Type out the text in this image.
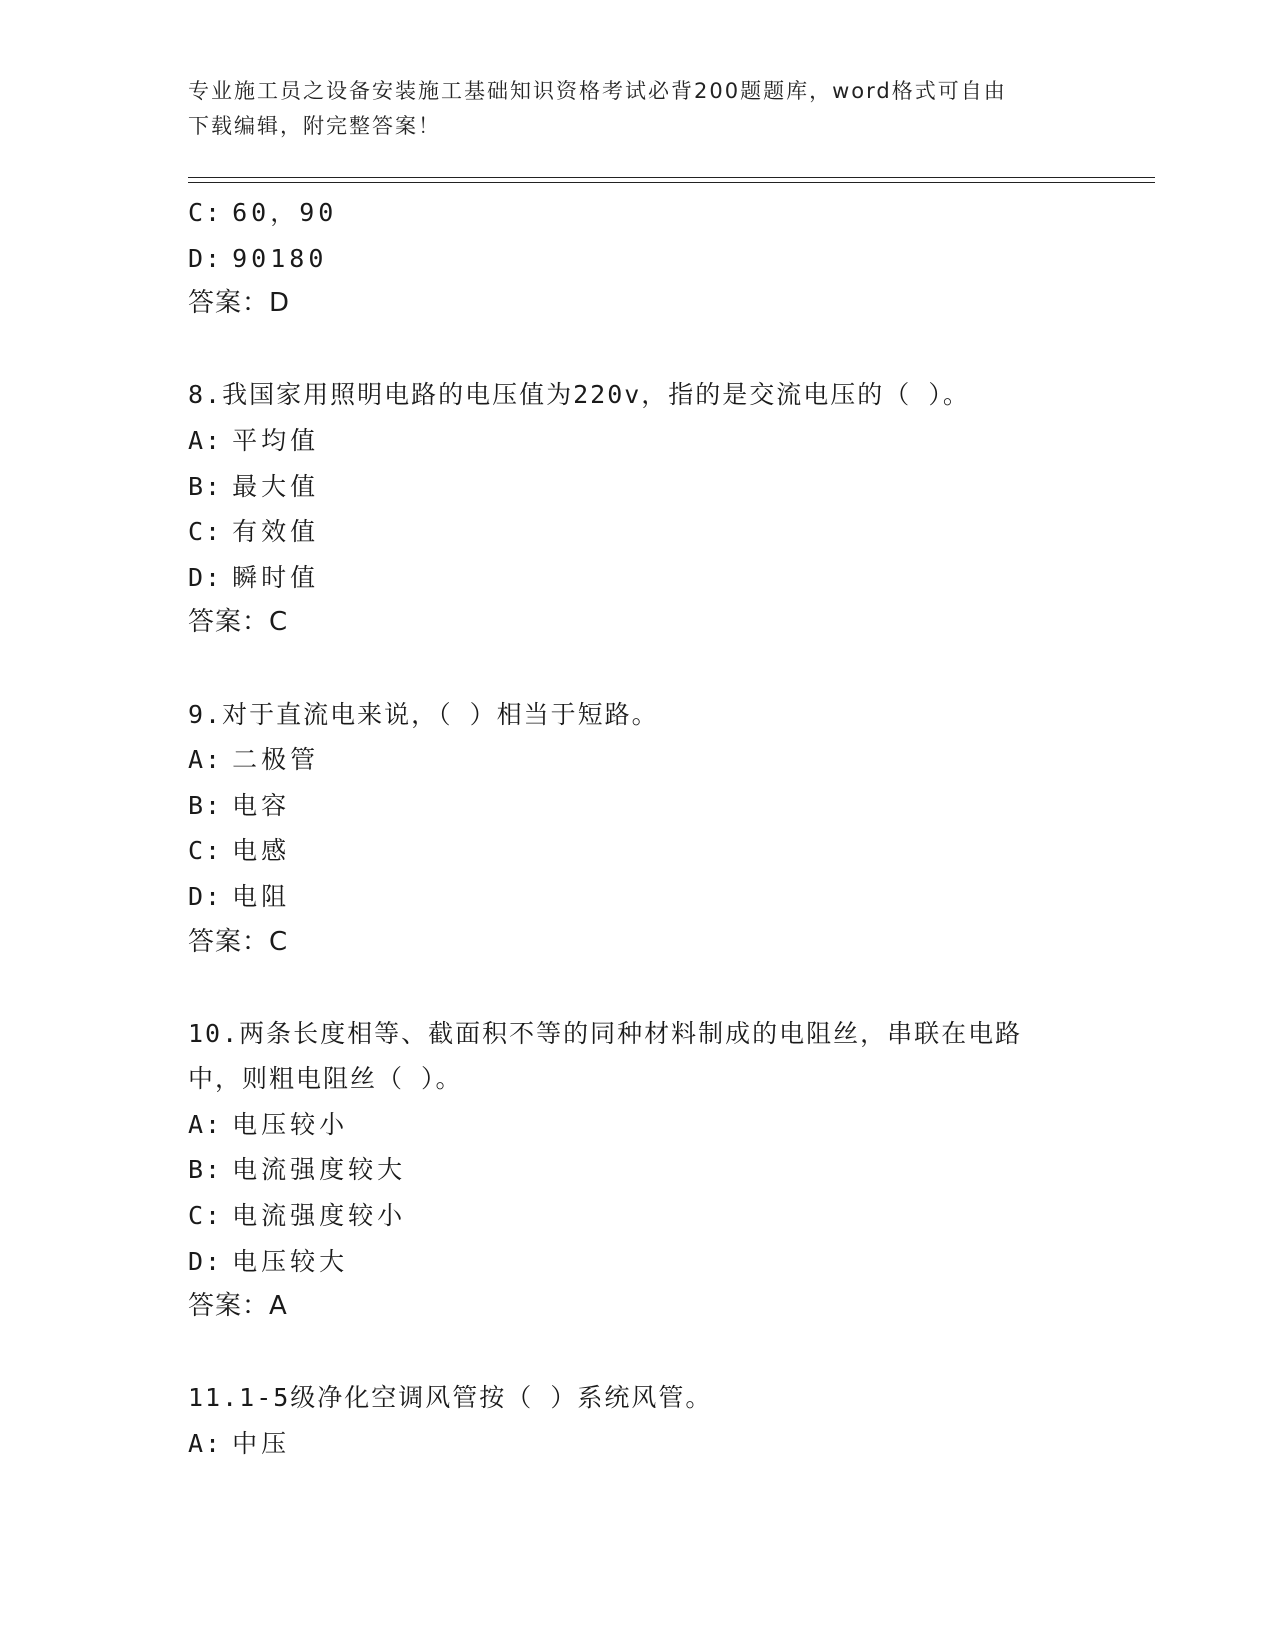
专业施工员之设备安装施工基础知识资格考试必背200题题库，word格式可自由
下载编辑，附完整答案！
C: 60，90
D: 90180
答案：D
8.我国家用照明电路的电压值为220v，指的是交流电压的（ ）。
A: 平均值
B: 最大值
C: 有效值
D: 瞬时值
答案：C
9.对于直流电来说，（ ）相当于短路。
A: 二极管
B: 电容
C: 电感
D: 电阻
答案：C
10.两条长度相等、截面积不等的同种材料制成的电阻丝，串联在电路
中，则粗电阻丝（ ）。
A: 电压较小
B: 电流强度较大
C: 电流强度较小
D: 电压较大
答案：A
11.1-5级净化空调风管按（ ）系统风管。
A: 中压
